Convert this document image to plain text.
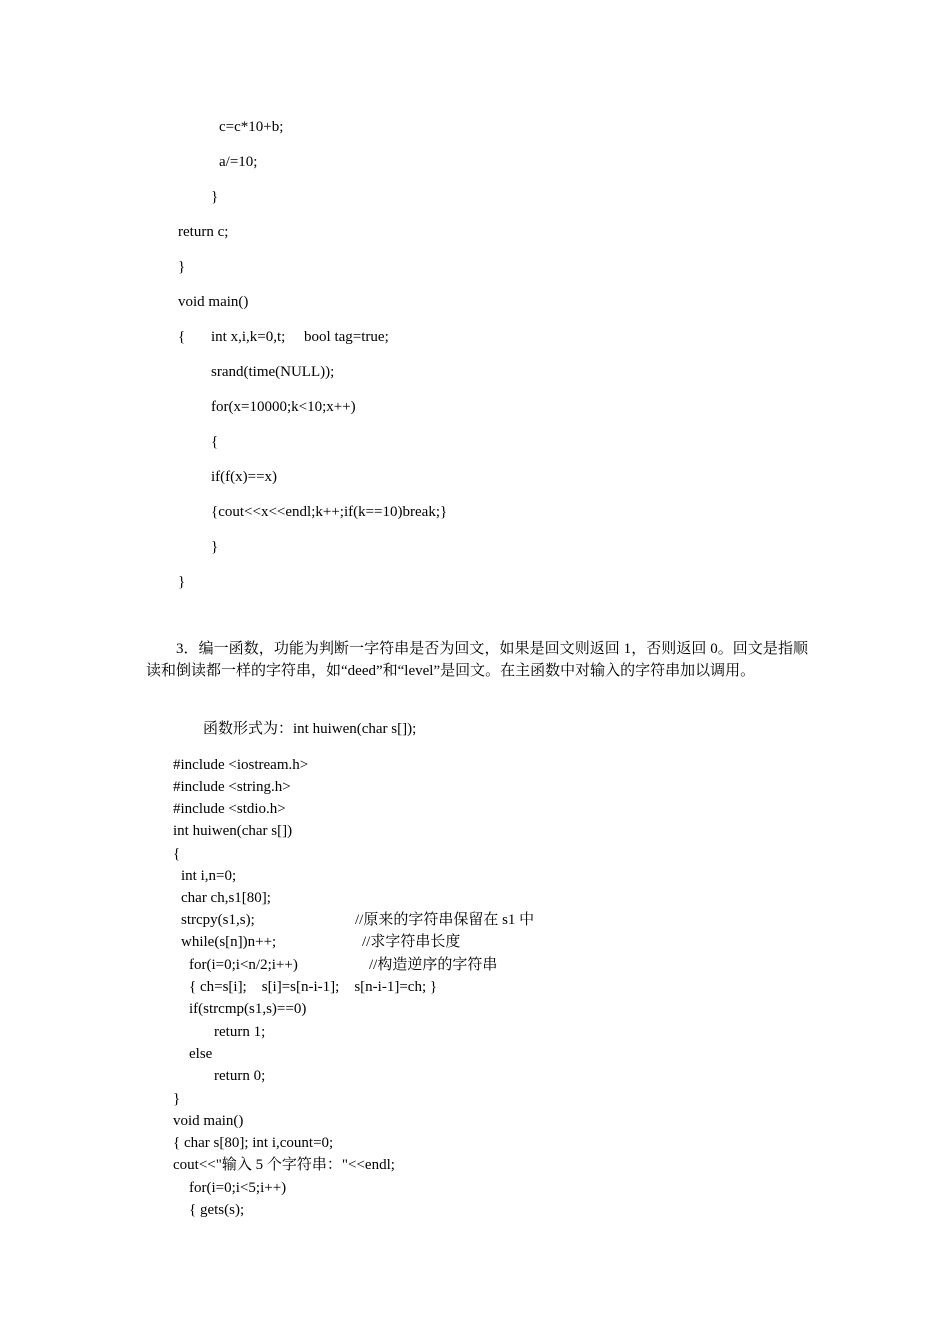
c=c*10+b;
a/=10;
}
return c;
}
void main()
{ int x,i,k=0,t;     bool tag=true;
srand(time(NULL));
for(x=10000;k<10;x++)
{
if(f(x)==x)
{cout<<x<<endl;k++;if(k==10)break;}
}
}
3．编一函数，功能为判断一字符串是否为回文，如果是回文则返回 1，否则返回 0。回文是指顺读和倒读都一样的字符串，如“deed”和“level”是回文。在主函数中对输入的字符串加以调用。
函数形式为：int huiwen(char s[]);
#include <iostream.h>
#include <string.h>
#include <stdio.h>
int huiwen(char s[])
{
int i,n=0;
char ch,s1[80];
strcpy(s1,s);	//原来的字符串保留在 s1 中
while(s[n])n++;	//求字符串长度
for(i=0;i<n/2;i++)	//构造逆序的字符串
{ ch=s[i];    s[i]=s[n-i-1];    s[n-i-1]=ch; }
if(strcmp(s1,s)==0)
return 1;
else
return 0;
}
void main()
{ char s[80]; int i,count=0;
cout<<"输入 5 个字符串："<<endl;
for(i=0;i<5;i++)
{ gets(s);
